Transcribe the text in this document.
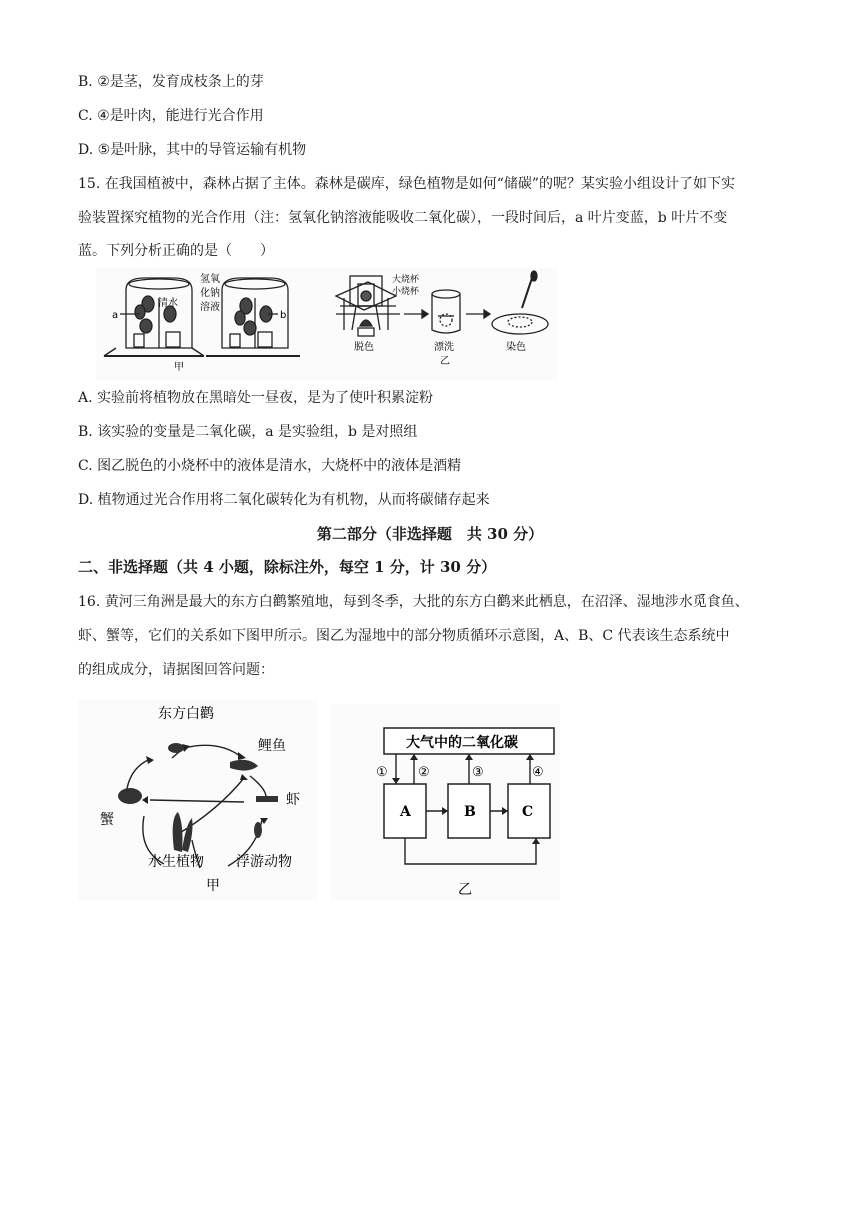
B. ②是茎，发育成枝条上的芽
C. ④是叶肉，能进行光合作用
D. ⑤是叶脉，其中的导管运输有机物
15. 在我国植被中，森林占据了主体。森林是碳库，绿色植物是如何“储碳”的呢？某实验小组设计了如下实
验装置探究植物的光合作用（注：氢氧化钠溶液能吸收二氧化碳），一段时间后，a 叶片变蓝，b 叶片不变
蓝。下列分析正确的是（　　）
清水
a
氢氧
化钠
溶液
b
甲
大烧杯
小烧杯
脱色	漂洗
乙
染色
A. 实验前将植物放在黑暗处一昼夜，是为了使叶积累淀粉
B. 该实验的变量是二氧化碳，a 是实验组，b 是对照组
C. 图乙脱色的小烧杯中的液体是清水，大烧杯中的液体是酒精
D. 植物通过光合作用将二氧化碳转化为有机物，从而将碳储存起来
第二部分（非选择题　共 30 分）
二、非选择题（共 4 小题，除标注外，每空 1 分，计 30 分）
16. 黄河三角洲是最大的东方白鹳繁殖地，每到冬季，大批的东方白鹳来此栖息，在沼泽、湿地涉水觅食鱼、
虾、蟹等，它们的关系如下图甲所示。图乙为湿地中的部分物质循环示意图，A、B、C 代表该生态系统中
的组成成分，请据图回答问题：
东方白鹳
鲤鱼
虾
蟹
水生植物 浮游动物
甲
大气中的二氧化碳
A	B	C
① ②	③	④
乙
